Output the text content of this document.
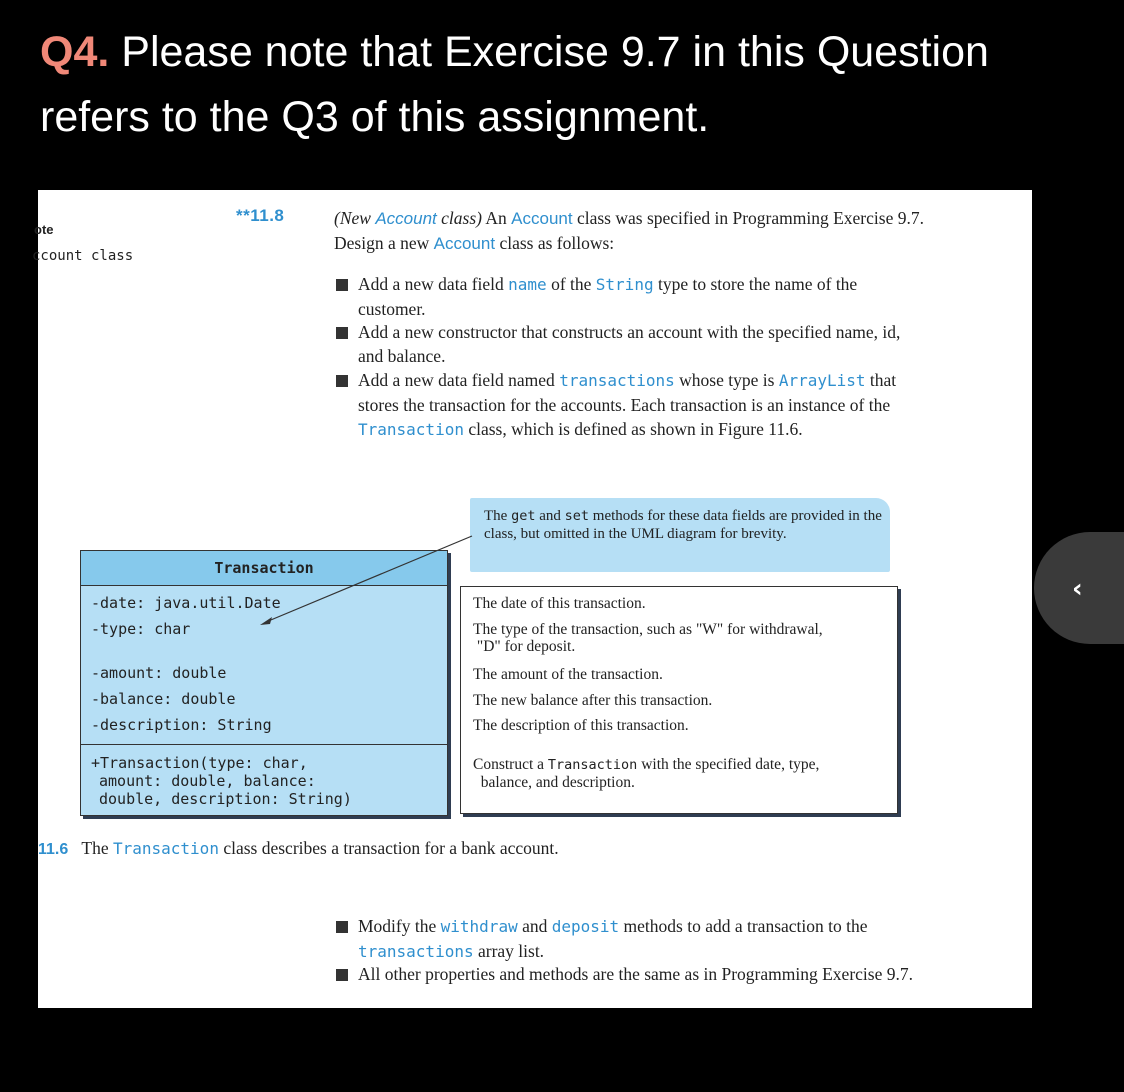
Q4. Please note that Exercise 9.7 in this Question refers to the Q3 of this assignment.
ote
ccount class
**11.8	(New Account class) An Account class was specified in Programming Exercise 9.7.
Design a new Account class as follows:
Add a new data field name of the String type to store the name of the
customer.
Add a new constructor that constructs an account with the specified name, id,
and balance.
Add a new data field named transactions whose type is ArrayList that
stores the transaction for the accounts. Each transaction is an instance of the
Transaction class, which is defined as shown in Figure 11.6.
The get and set methods for these data fields are provided in the class, but omitted in the UML diagram for brevity.
Transaction
-date: java.util.Date
-type: char
-amount: double
-balance: double
-description: String
+Transaction(type: char,
amount: double, balance:
double, description: String)
The date of this transaction.
The type of the transaction, such as "W" for withdrawal,
"D" for deposit.
The amount of the transaction.
The new balance after this transaction.
The description of this transaction.
Construct a Transaction with the specified date, type,
balance, and description.
11.6 The Transaction class describes a transaction for a bank account.
Modify the withdraw and deposit methods to add a transaction to the
transactions array list.
All other properties and methods are the same as in Programming Exercise 9.7.
‹
